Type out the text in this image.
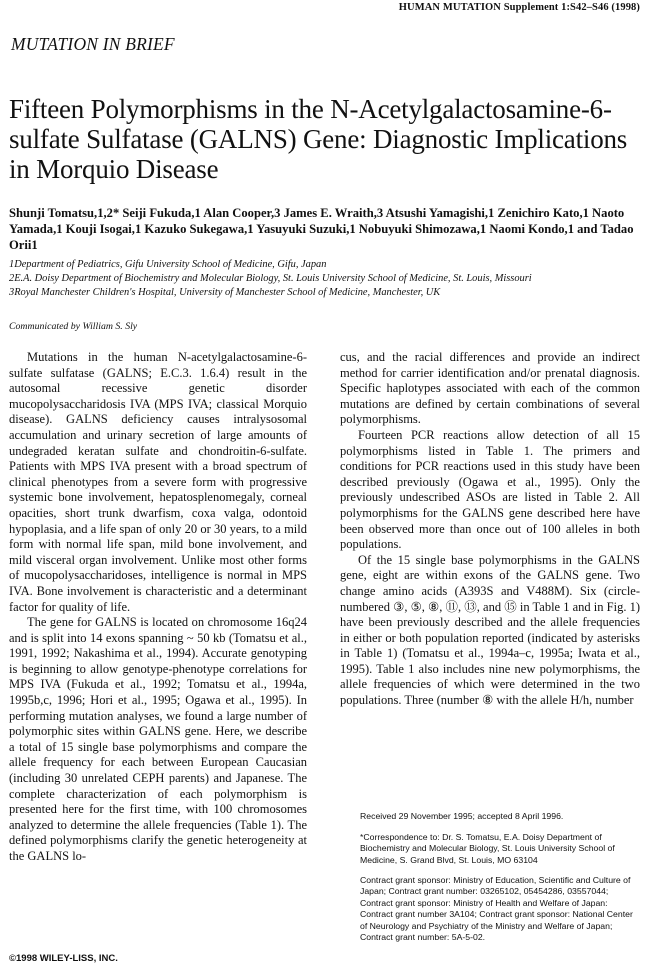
HUMAN MUTATION Supplement 1:S42–S46 (1998)
MUTATION IN BRIEF
Fifteen Polymorphisms in the N-Acetylgalactosamine-6-sulfate Sulfatase (GALNS) Gene: Diagnostic Implications in Morquio Disease
Shunji Tomatsu,1,2* Seiji Fukuda,1 Alan Cooper,3 James E. Wraith,3 Atsushi Yamagishi,1 Zenichiro Kato,1 Naoto Yamada,1 Kouji Isogai,1 Kazuko Sukegawa,1 Yasuyuki Suzuki,1 Nobuyuki Shimozawa,1 Naomi Kondo,1 and Tadao Orii1
1Department of Pediatrics, Gifu University School of Medicine, Gifu, Japan
2E.A. Doisy Department of Biochemistry and Molecular Biology, St. Louis University School of Medicine, St. Louis, Missouri
3Royal Manchester Children's Hospital, University of Manchester School of Medicine, Manchester, UK
Communicated by William S. Sly

Mutations in the human N-acetylgalactosamine-6-sulfate sulfatase (GALNS; E.C.3. 1.6.4) result in the autosomal recessive genetic disorder mucopolysaccharidosis IVA (MPS IVA; classical Morquio disease). GALNS deficiency causes intralysosomal accumulation and urinary secretion of large amounts of undegraded keratan sulfate and chondroitin-6-sulfate. Patients with MPS IVA present with a broad spectrum of clinical phenotypes from a severe form with progressive systemic bone involvement, hepatosplenomegaly, corneal opacities, short trunk dwarfism, coxa valga, odontoid hypoplasia, and a life span of only 20 or 30 years, to a mild form with normal life span, mild bone involvement, and mild visceral organ involvement. Unlike most other forms of mucopolysaccharidoses, intelligence is normal in MPS IVA. Bone involvement is characteristic and a determinant factor for quality of life.

The gene for GALNS is located on chromosome 16q24 and is split into 14 exons spanning ~ 50 kb (Tomatsu et al., 1991, 1992; Nakashima et al., 1994). Accurate genotyping is beginning to allow genotype-phenotype correlations for MPS IVA (Fukuda et al., 1992; Tomatsu et al., 1994a, 1995b,c, 1996; Hori et al., 1995; Ogawa et al., 1995). In performing mutation analyses, we found a large number of polymorphic sites within GALNS gene. Here, we describe a total of 15 single base polymorphisms and compare the allele frequency for each between European Caucasian (including 30 unrelated CEPH parents) and Japanese. The complete characterization of each polymorphism is presented here for the first time, with 100 chromosomes analyzed to determine the allele frequencies (Table 1). The defined polymorphisms clarify the genetic heterogeneity at the GALNS lo-

cus, and the racial differences and provide an indirect method for carrier identification and/or prenatal diagnosis. Specific haplotypes associated with each of the common mutations are defined by certain combinations of several polymorphisms.

Fourteen PCR reactions allow detection of all 15 polymorphisms listed in Table 1. The primers and conditions for PCR reactions used in this study have been described previously (Ogawa et al., 1995). Only the previously undescribed ASOs are listed in Table 2. All polymorphisms for the GALNS gene described here have been observed more than once out of 100 alleles in both populations.

Of the 15 single base polymorphisms in the GALNS gene, eight are within exons of the GALNS gene. Two change amino acids (A393S and V488M). Six (circle-numbered ③, ⑤, ⑧, ⑪, ⑬, and ⑮ in Table 1 and in Fig. 1) have been previously described and the allele frequencies in either or both population reported (indicated by asterisks in Table 1) (Tomatsu et al., 1994a–c, 1995a; Iwata et al., 1995). Table 1 also includes nine new polymorphisms, the allele frequencies of which were determined in the two populations. Three (number ⑧ with the allele H/h, number

Received 29 November 1995; accepted 8 April 1996.
*Correspondence to: Dr. S. Tomatsu, E.A. Doisy Department of Biochemistry and Molecular Biology, St. Louis University School of Medicine, S. Grand Blvd, St. Louis, MO 63104
Contract grant sponsor: Ministry of Education, Scientific and Culture of Japan; Contract grant number: 03265102, 05454286, 03557044; Contract grant sponsor: Ministry of Health and Welfare of Japan: Contract grant number 3A104; Contract grant sponsor: National Center of Neurology and Psychiatry of the Ministry and Welfare of Japan; Contract grant number: 5A-5-02.
©1998 WILEY-LISS, INC.
